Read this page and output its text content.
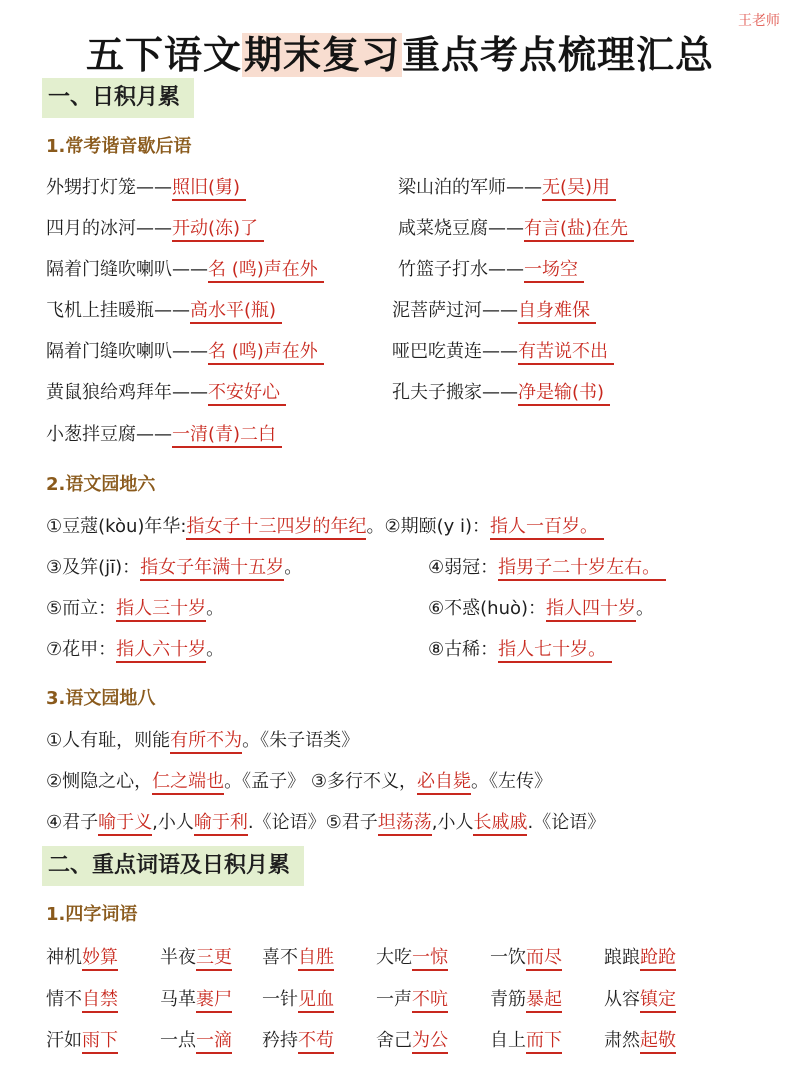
王老师
五下语文期末复习重点考点梳理汇总
一、日积月累
1.常考谐音歇后语
外甥打灯笼——照旧(舅)	梁山泊的军师——无(吴)用
四月的冰河——开动(冻)了	咸菜烧豆腐——有言(盐)在先
隔着门缝吹喇叭——名 (鸣)声在外	竹篮子打水——一场空
飞机上挂暖瓶——高水平(瓶)	泥菩萨过河——自身难保
隔着门缝吹喇叭——名 (鸣)声在外	哑巴吃黄连——有苦说不出
黄鼠狼给鸡拜年——不安好心	孔夫子搬家——净是输(书)
小葱拌豆腐——一清(青)二白
2.语文园地六
①豆蔻(kòu)年华:指女子十三四岁的年纪。②期颐(y i)：指人一百岁。
③及笄(jī)：指女子年满十五岁。	④弱冠：指男子二十岁左右。
⑤而立：指人三十岁。	⑥不惑(huò)：指人四十岁。
⑦花甲：指人六十岁。	⑧古稀：指人七十岁。
3.语文园地八
①人有耻，则能有所不为。《朱子语类》
②恻隐之心，仁之端也。《孟子》 ③多行不义，必自毙。《左传》
④君子喻于义,小人喻于利.《论语》⑤君子坦荡荡,小人长戚戚.《论语》
二、重点词语及日积月累
1.四字词语
神机妙算 半夜三更 喜不自胜 大吃一惊 一饮而尽 踉踉跄跄
情不自禁 马革裹尸 一针见血 一声不吭 青筋暴起 从容镇定
汗如雨下 一点一滴 矜持不苟 舍己为公 自上而下 肃然起敬
